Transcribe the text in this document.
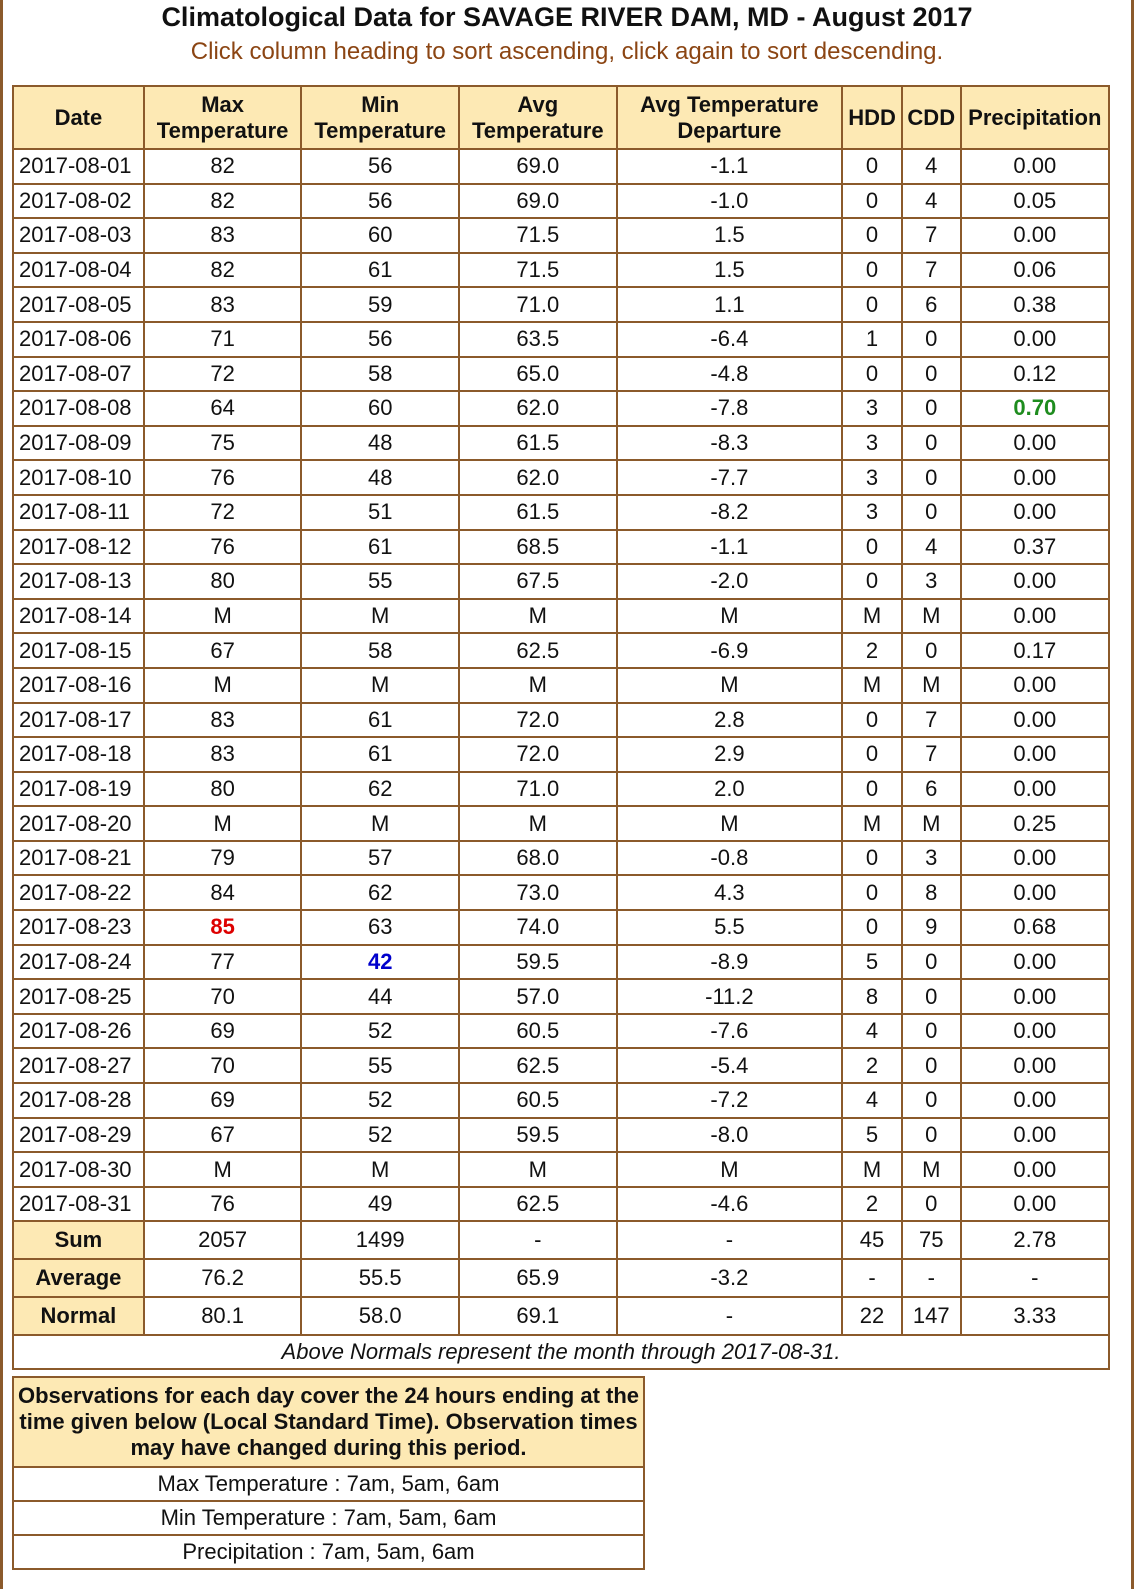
Climatological Data for SAVAGE RIVER DAM, MD - August 2017
Click column heading to sort ascending, click again to sort descending.
Date	Max Temperature	Min Temperature	Avg Temperature	Avg Temperature Departure	HDD	CDD	Precipitation
2017-08-01	82	56	69.0	-1.1	0	4	0.00
2017-08-02	82	56	69.0	-1.0	0	4	0.05
2017-08-03	83	60	71.5	1.5	0	7	0.00
2017-08-04	82	61	71.5	1.5	0	7	0.06
2017-08-05	83	59	71.0	1.1	0	6	0.38
2017-08-06	71	56	63.5	-6.4	1	0	0.00
2017-08-07	72	58	65.0	-4.8	0	0	0.12
2017-08-08	64	60	62.0	-7.8	3	0	0.70
2017-08-09	75	48	61.5	-8.3	3	0	0.00
2017-08-10	76	48	62.0	-7.7	3	0	0.00
2017-08-11	72	51	61.5	-8.2	3	0	0.00
2017-08-12	76	61	68.5	-1.1	0	4	0.37
2017-08-13	80	55	67.5	-2.0	0	3	0.00
2017-08-14	M	M	M	M	M	M	0.00
2017-08-15	67	58	62.5	-6.9	2	0	0.17
2017-08-16	M	M	M	M	M	M	0.00
2017-08-17	83	61	72.0	2.8	0	7	0.00
2017-08-18	83	61	72.0	2.9	0	7	0.00
2017-08-19	80	62	71.0	2.0	0	6	0.00
2017-08-20	M	M	M	M	M	M	0.25
2017-08-21	79	57	68.0	-0.8	0	3	0.00
2017-08-22	84	62	73.0	4.3	0	8	0.00
2017-08-23	85	63	74.0	5.5	0	9	0.68
2017-08-24	77	42	59.5	-8.9	5	0	0.00
2017-08-25	70	44	57.0	-11.2	8	0	0.00
2017-08-26	69	52	60.5	-7.6	4	0	0.00
2017-08-27	70	55	62.5	-5.4	2	0	0.00
2017-08-28	69	52	60.5	-7.2	4	0	0.00
2017-08-29	67	52	59.5	-8.0	5	0	0.00
2017-08-30	M	M	M	M	M	M	0.00
2017-08-31	76	49	62.5	-4.6	2	0	0.00
Sum	2057	1499	-	-	45	75	2.78
Average	76.2	55.5	65.9	-3.2	-	-	-
Normal	80.1	58.0	69.1	-	22	147	3.33
Above Normals represent the month through 2017-08-31.							
Observations for each day cover the 24 hours ending at the time given below (Local Standard Time). Observation times may have changed during this period.
Max Temperature : 7am, 5am, 6am
Min Temperature : 7am, 5am, 6am
Precipitation : 7am, 5am, 6am
